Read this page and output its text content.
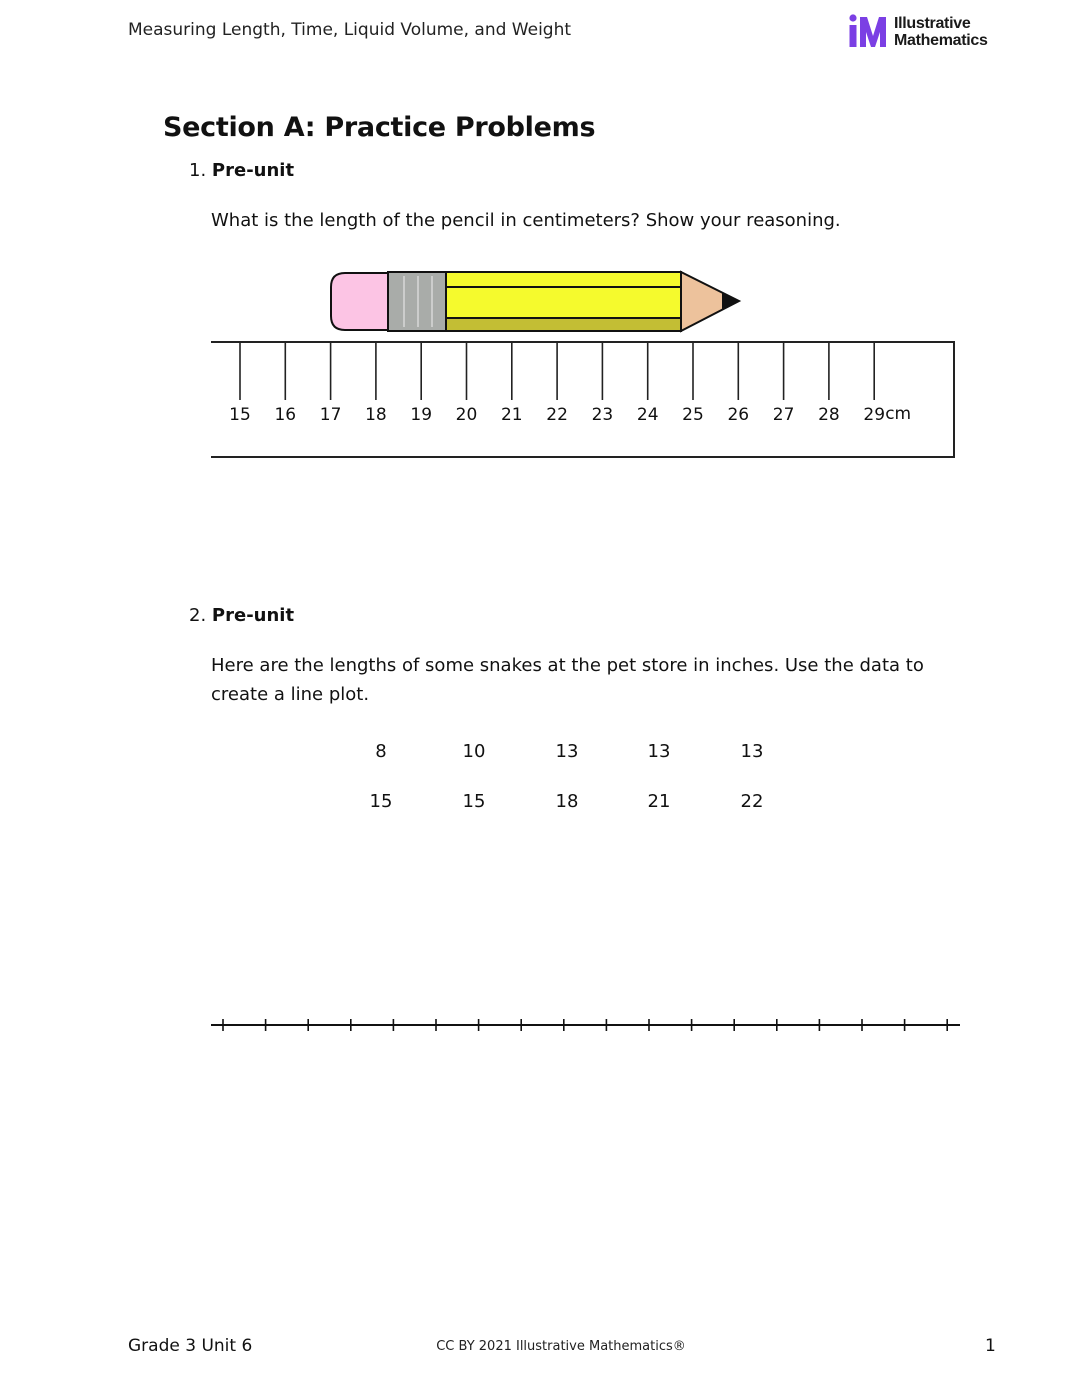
Measuring Length, Time, Liquid Volume, and Weight	Illustrative
Mathematics
Section A: Practice Problems
1. Pre-unit
What is the length of the pencil in centimeters? Show your reasoning.
15 16 17 18 19 20 21 22 23 24 25 26 27 28 29 cm
2. Pre-unit
Here are the lengths of some snakes at the pet store in inches. Use the data to create a line plot.
8	10	13	13	13
15	15	18	21	22
Grade 3 Unit 6	CC BY 2021 Illustrative Mathematics®	1
